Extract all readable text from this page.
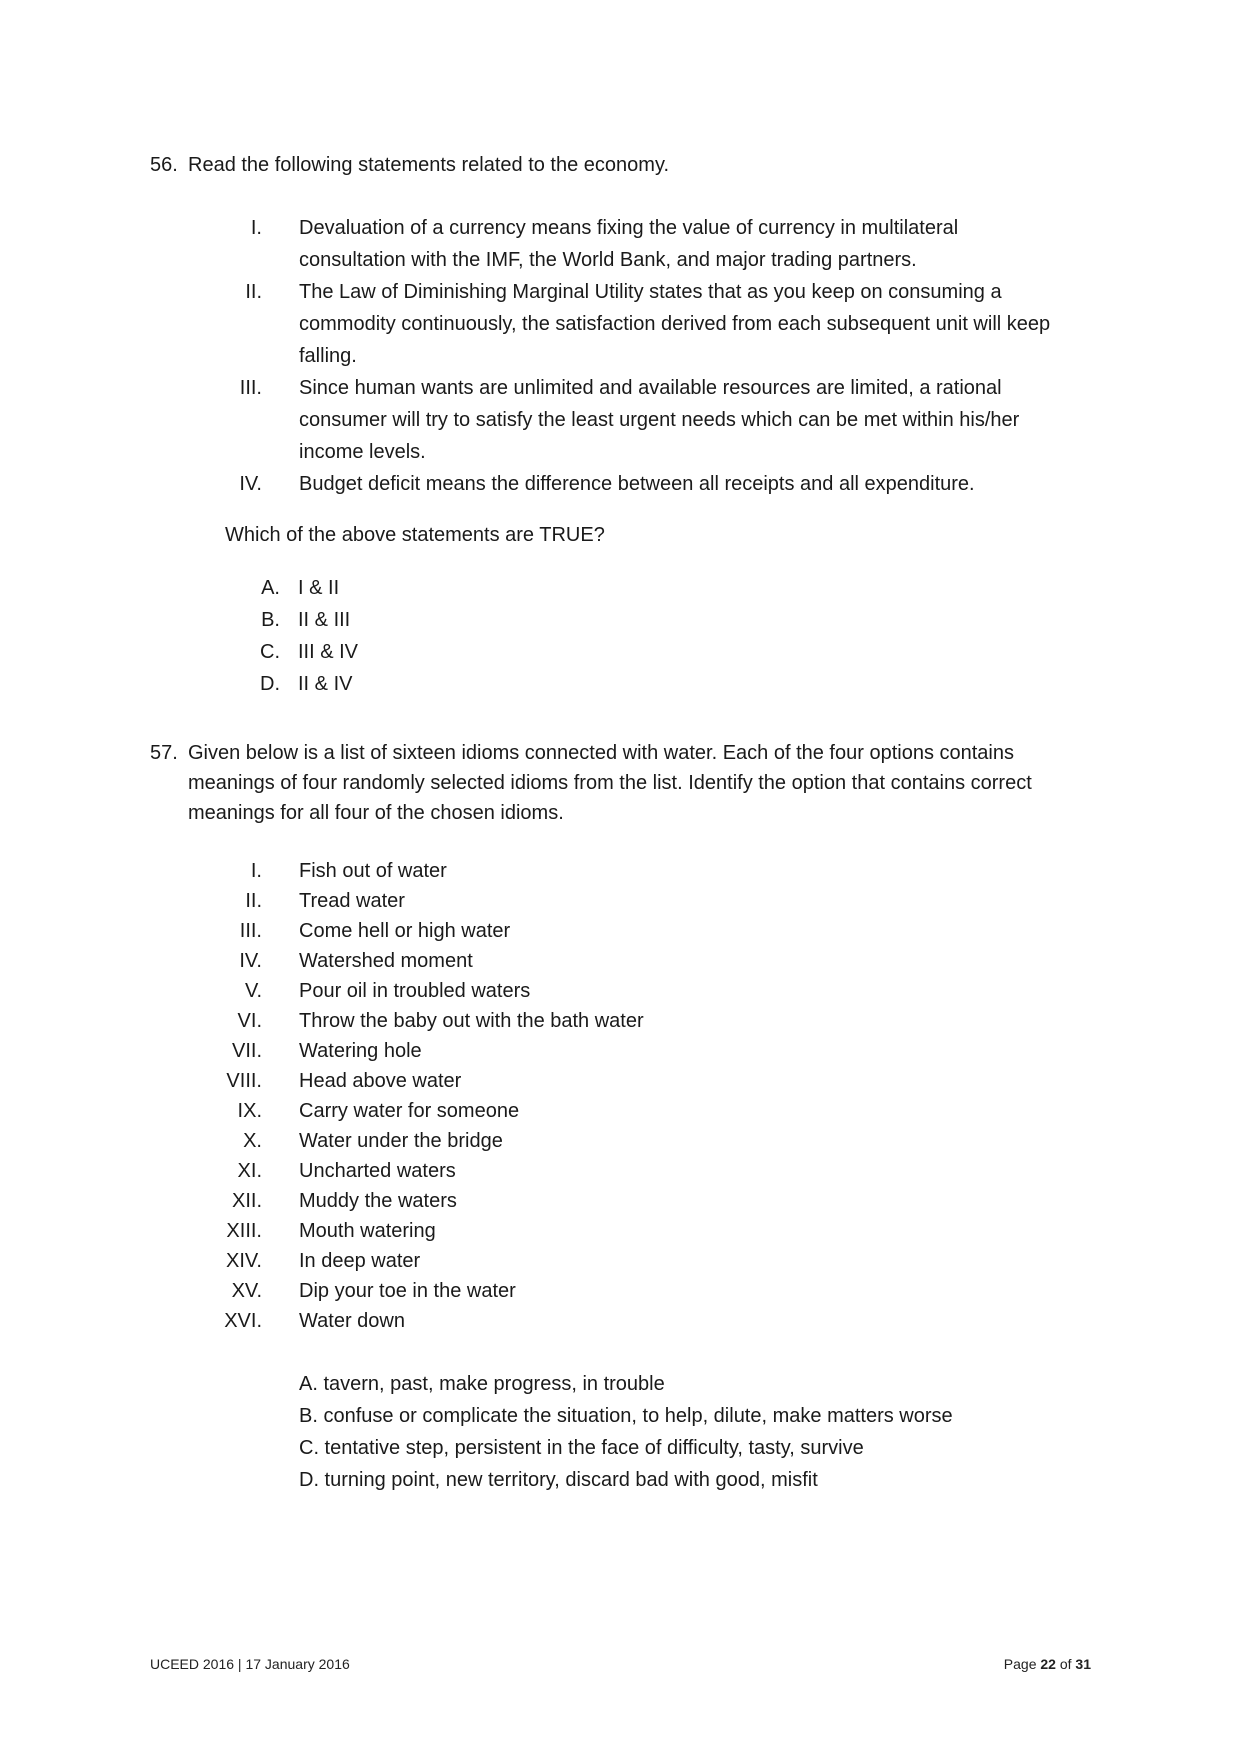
56. Read the following statements related to the economy.
I. Devaluation of a currency means fixing the value of currency in multilateral consultation with the IMF, the World Bank, and major trading partners.
II. The Law of Diminishing Marginal Utility states that as you keep on consuming a commodity continuously, the satisfaction derived from each subsequent unit will keep falling.
III. Since human wants are unlimited and available resources are limited, a rational consumer will try to satisfy the least urgent needs which can be met within his/her income levels.
IV. Budget deficit means the difference between all receipts and all expenditure.
Which of the above statements are TRUE?
A. I & II
B. II & III
C. III & IV
D. II & IV
57. Given below is a list of sixteen idioms connected with water. Each of the four options contains meanings of four randomly selected idioms from the list. Identify the option that contains correct meanings for all four of the chosen idioms.
I. Fish out of water
II. Tread water
III. Come hell or high water
IV. Watershed moment
V. Pour oil in troubled waters
VI. Throw the baby out with the bath water
VII. Watering hole
VIII. Head above water
IX. Carry water for someone
X. Water under the bridge
XI. Uncharted waters
XII. Muddy the waters
XIII. Mouth watering
XIV. In deep water
XV. Dip your toe in the water
XVI. Water down
A. tavern, past, make progress, in trouble
B. confuse or complicate the situation, to help, dilute, make matters worse
C. tentative step, persistent in the face of difficulty, tasty, survive
D. turning point, new territory, discard bad with good, misfit
UCEED 2016 | 17 January 2016	Page 22 of 31
